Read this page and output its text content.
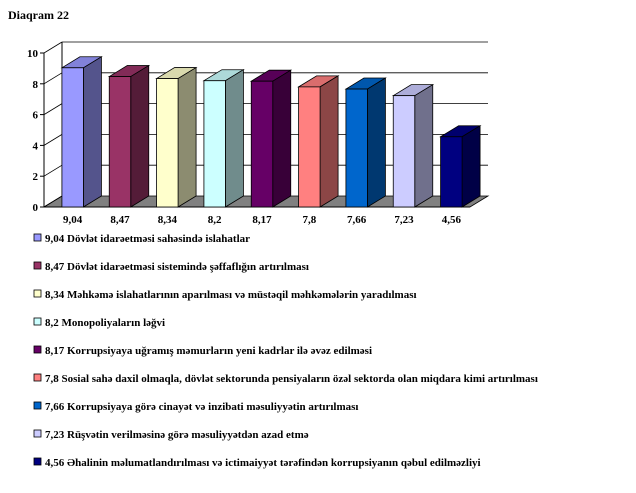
Diaqram 22
0
2
4
6
8
10
9,04	8,47	8,34	8,2	8,17	7,8	7,66	7,23	4,56
9,04 Dövlət idarəetməsi sahəsində islahatlar
8,47 Dövlət idarəetməsi sistemində şəffaflığın artırılması
8,34 Məhkəmə islahatlarının aparılması və müstəqil məhkəmələrin yaradılması
8,2 Monopoliyaların ləğvi
8,17 Korrupsiyaya uğramış məmurların yeni kadrlar ilə əvəz edilməsi
7,8 Sosial sahə daxil olmaqla, dövlət sektorunda pensiyaların özəl sektorda olan miqdara kimi artırılması
7,66 Korrupsiyaya görə cinayət və inzibati məsuliyyətin artırılması
7,23 Rüşvətin verilməsinə görə məsuliyyətdən azad etmə
4,56 Əhalinin məlumatlandırılması və ictimaiyyət tərəfindən korrupsiyanın qəbul edilməzliyi
